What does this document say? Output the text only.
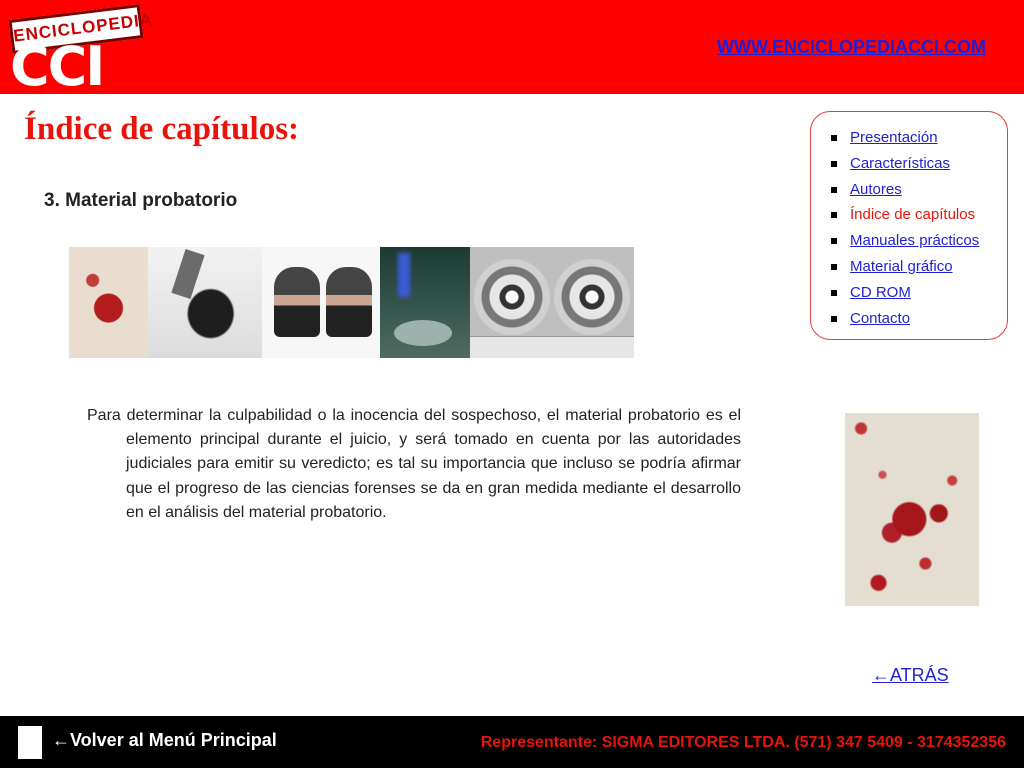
ENCICLOPEDIA
CCI	WWW.ENCICLOPEDIACCI.COM
Índice de capítulos:
3. Material probatorio

Para determinar la culpabilidad o la inocencia del sospechoso, el material probatorio es el elemento principal durante el juicio, y será tomado en cuenta por las autoridades judiciales para emitir su veredicto; es tal su importancia que incluso se podría afirmar que el progreso de las ciencias forenses se da en gran medida mediante el desarrollo en el análisis del material probatorio.

Presentación
Características
Autores
Índice de capítulos
Manuales prácticos
Material gráfico
CD ROM
Contacto
←ATRÁS
←Volver al Menú Principal	Representante: SIGMA EDITORES LTDA. (571) 347 5409 - 3174352356
